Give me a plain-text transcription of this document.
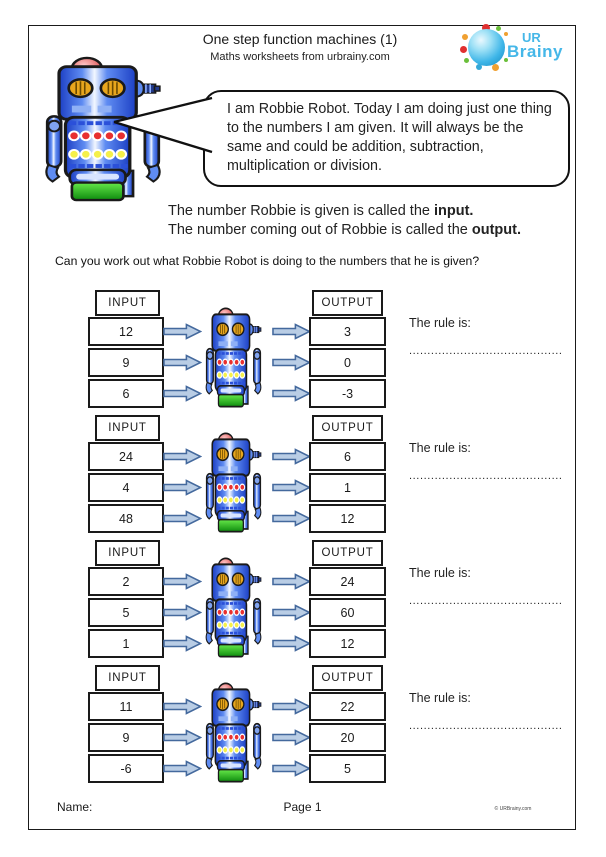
One step function machines (1)
Maths worksheets from urbrainy.com
UR
Brainy
I am Robbie Robot. Today I am doing just one thing to the numbers I am given. It will always be the same and could be addition, subtraction, multiplication or division.

The number Robbie is given is called the input.

The number coming out of Robbie is called the output.

Can you work out what Robbie Robot is doing to the numbers that he is given?
INPUT
12
9
6
OUTPUT
3
0
-3
The rule is:
..........................................
INPUT
24
4
48
OUTPUT
6
1
12
The rule is:
..........................................
INPUT
2
5
1
OUTPUT
24
60
12
The rule is:
..........................................
INPUT
11
9
-6
OUTPUT
22
20
5
The rule is:
..........................................
Name:	Page 1	© URBrainy.com
